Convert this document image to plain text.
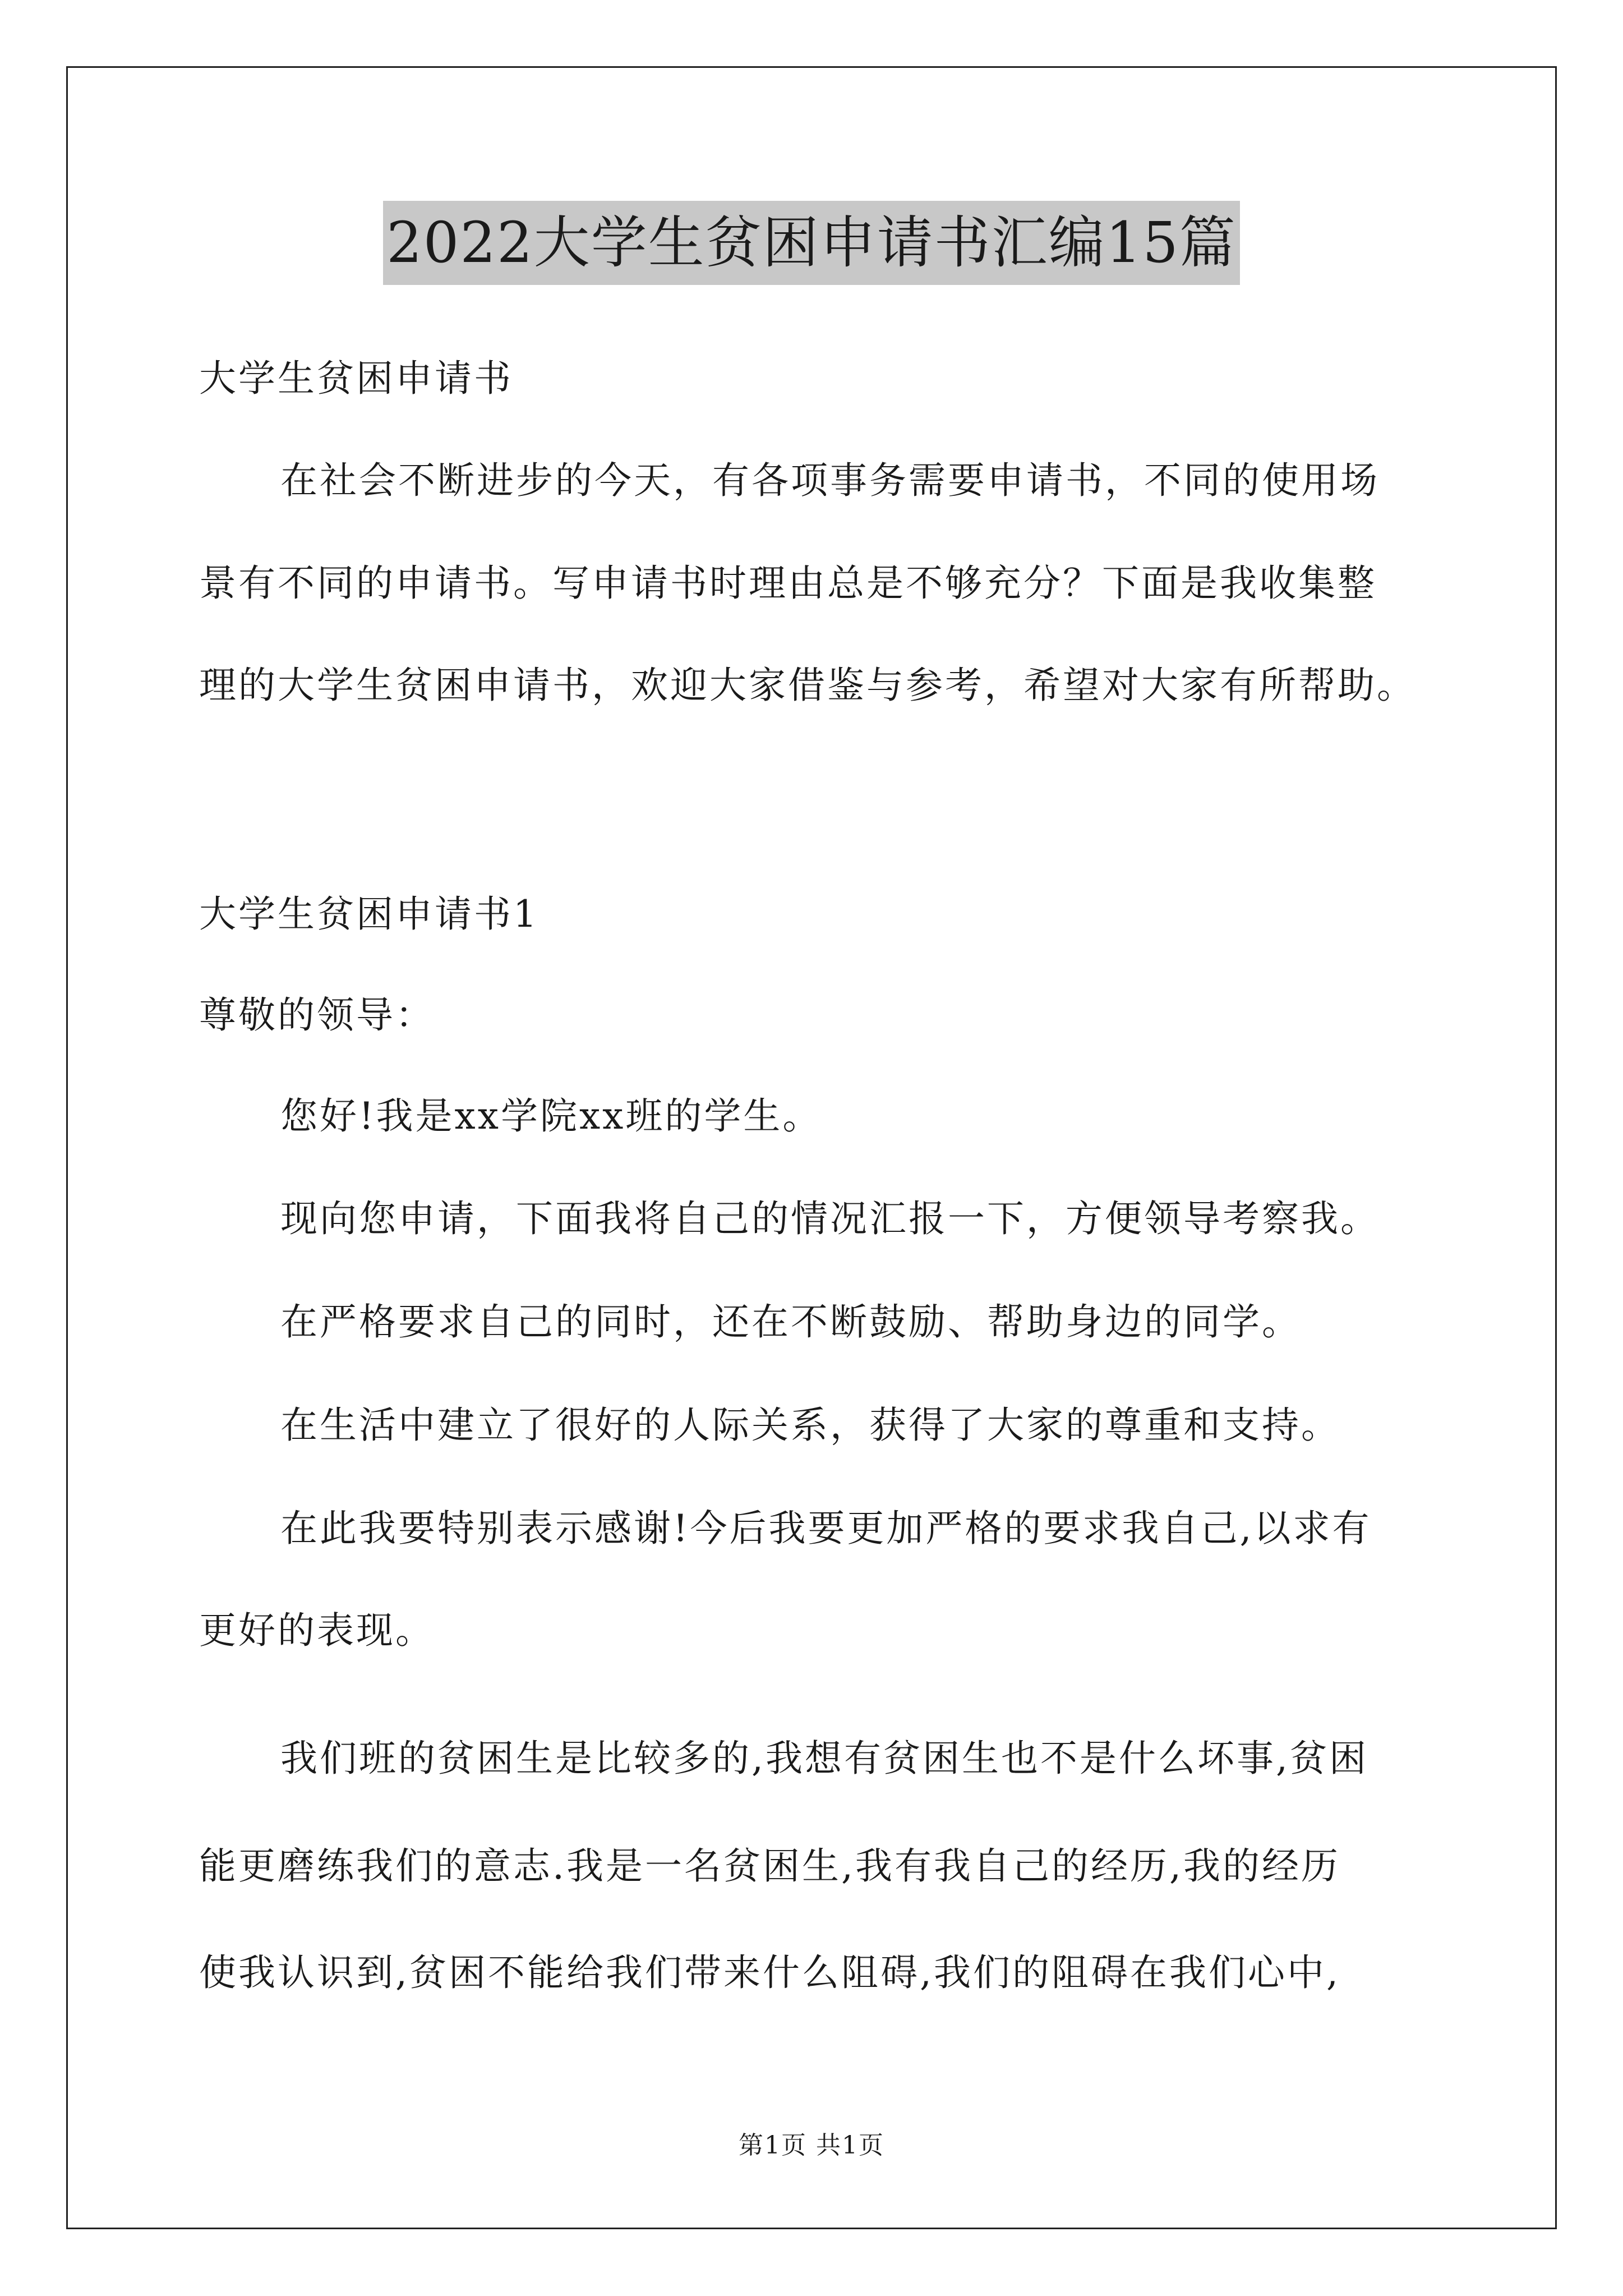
2022大学生贫困申请书汇编15篇
大学生贫困申请书
在社会不断进步的今天，有各项事务需要申请书，不同的使用场
景有不同的申请书。写申请书时理由总是不够充分？下面是我收集整
理的大学生贫困申请书，欢迎大家借鉴与参考，希望对大家有所帮助。
大学生贫困申请书1
尊敬的领导：
您好!我是xx学院xx班的学生。
现向您申请，下面我将自己的情况汇报一下，方便领导考察我。
在严格要求自己的同时，还在不断鼓励、帮助身边的同学。
在生活中建立了很好的人际关系，获得了大家的尊重和支持。
在此我要特别表示感谢!今后我要更加严格的要求我自己,以求有
更好的表现。
我们班的贫困生是比较多的,我想有贫困生也不是什么坏事,贫困
能更磨练我们的意志.我是一名贫困生,我有我自己的经历,我的经历
使我认识到,贫困不能给我们带来什么阻碍,我们的阻碍在我们心中,
第1页 共1页
